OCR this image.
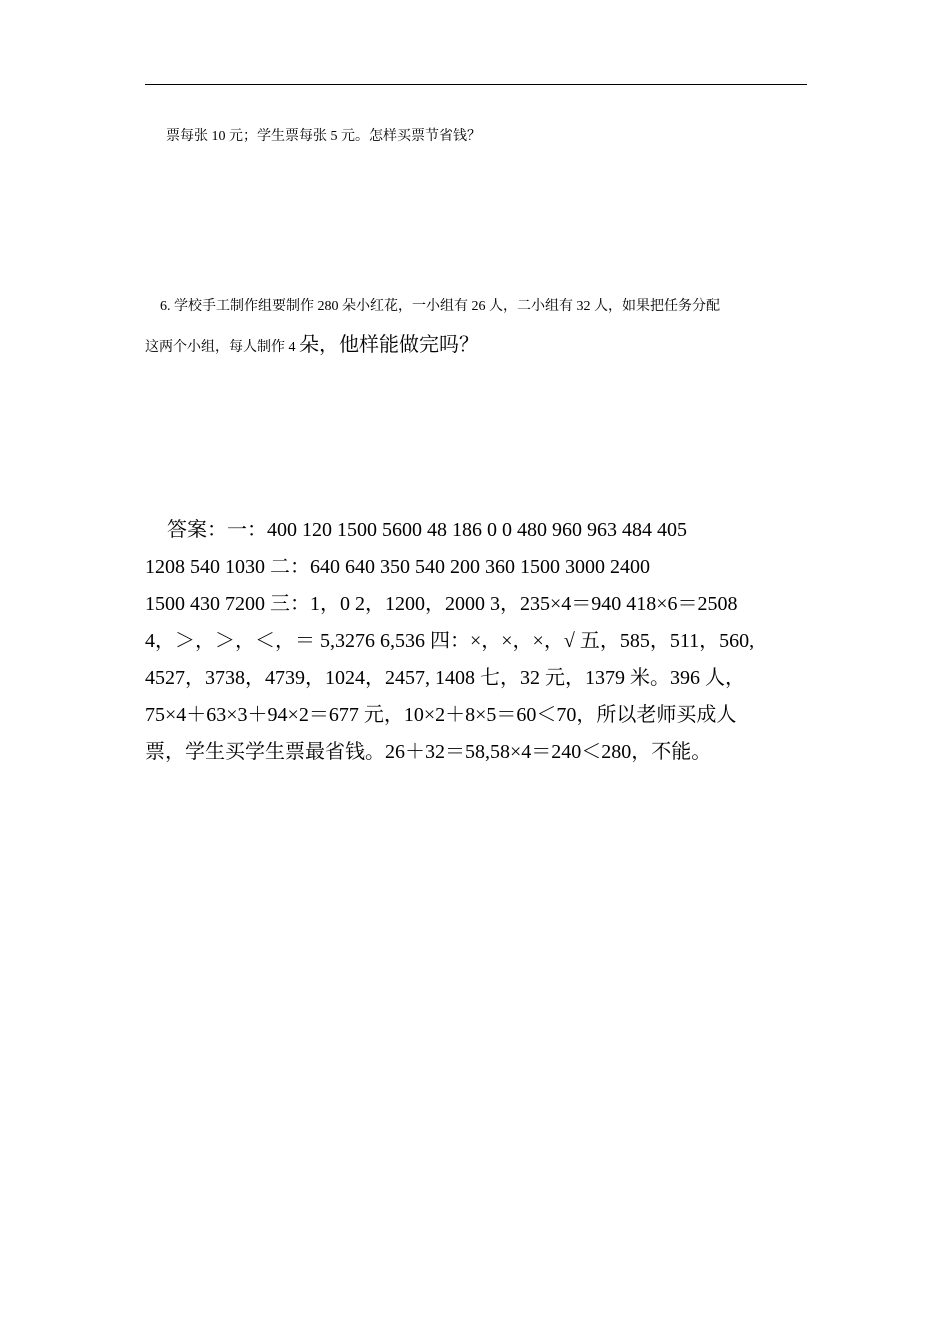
票每张 10 元；学生票每张 5 元。怎样买票节省钱？

6. 学校手工制作组要制作 280 朵小红花，一小组有 26 人，二小组有 32 人，如果把任务分配

这两个小组，每人制作 4 朵，他样能做完吗？

答案：一：400 120 1500 5600 48 186 0 0 480 960 963 484 405
1208 540 1030 二：640 640 350 540 200 360 1500 3000 2400
1500 430 7200 三：1，0 2，1200，2000 3，235×4＝940 418×6＝2508
4，＞，＞，＜，＝ 5,3276 6,536 四：×，×，×，√ 五，585，511，560,
4527，3738，4739，1024，2457, 1408 七，32 元，1379 米。396 人，
75×4＋63×3＋94×2＝677 元，10×2＋8×5＝60＜70，所以老师买成人
票，学生买学生票最省钱。26＋32＝58,58×4＝240＜280，不能。
